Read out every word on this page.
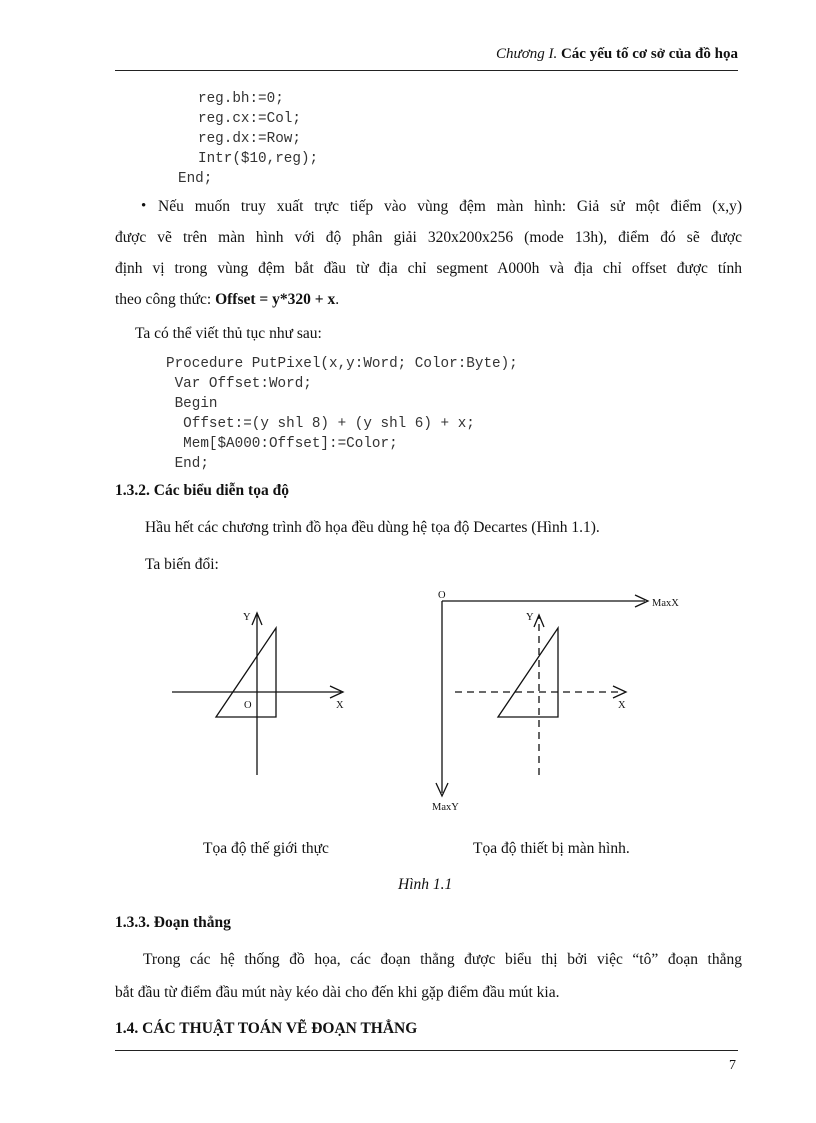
Chương I. Các yếu tố cơ sở của đồ họa
reg.bh:=0;
reg.cx:=Col;
reg.dx:=Row;
Intr($10,reg);
End;
• Nếu muốn truy xuất trực tiếp vào vùng đệm màn hình: Giả sử một điểm (x,y)
được vẽ trên màn hình với độ phân giải 320x200x256 (mode 13h), điểm đó sẽ được
định vị trong vùng đệm bắt đầu từ địa chỉ segment A000h và địa chỉ offset được tính
theo công thức: Offset = y*320 + x.
Ta có thể viết thủ tục như sau:
Procedure PutPixel(x,y:Word; Color:Byte);
Var Offset:Word;
Begin
Offset:=(y shl 8) + (y shl 6) + x;
Mem[$A000:Offset]:=Color;
End;
1.3.2. Các biểu diễn tọa độ
Hầu hết các chương trình đồ họa đều dùng hệ tọa độ Decartes (Hình 1.1).
Ta biến đổi:
Y
X
O
O
MaxX
MaxY
Y
X
Tọa độ thế giới thực	Tọa độ thiết bị màn hình.
Hình 1.1
1.3.3. Đoạn thẳng
Trong các hệ thống đồ họa, các đoạn thẳng được biểu thị bởi việc “tô” đoạn thẳng
bắt đầu từ điểm đầu mút này kéo dài cho đến khi gặp điểm đầu mút kia.
1.4. CÁC THUẬT TOÁN VẼ ĐOẠN THẲNG
7
